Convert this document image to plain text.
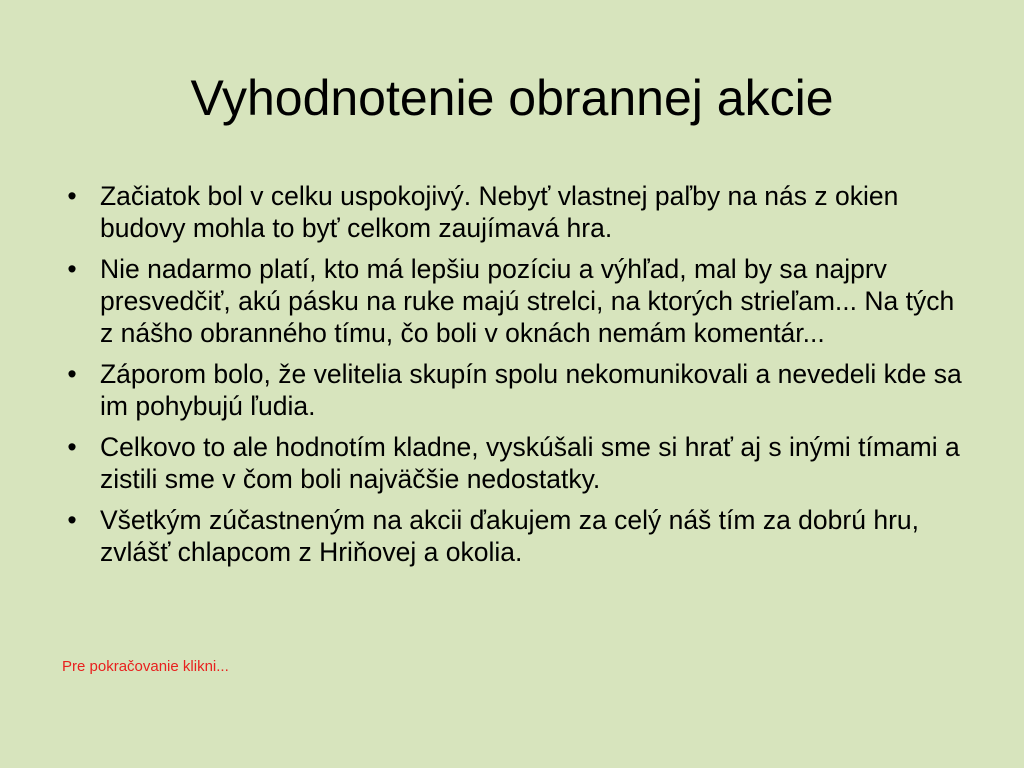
Vyhodnotenie obrannej akcie
• Začiatok bol v celku uspokojivý. Nebyť vlastnej paľby na nás z okien budovy mohla to byť celkom zaujímavá hra.
• Nie nadarmo platí, kto má lepšiu pozíciu a výhľad, mal by sa najprv presvedčiť, akú pásku na ruke majú strelci, na ktorých strieľam... Na tých z nášho obranného tímu, čo boli v oknách nemám komentár...
• Záporom bolo, že velitelia skupín spolu nekomunikovali a nevedeli kde sa im pohybujú ľudia.
• Celkovo to ale hodnotím kladne, vyskúšali sme si hrať aj s inými tímami a zistili sme v čom boli najväčšie nedostatky.
• Všetkým zúčastneným na akcii ďakujem za celý náš tím za dobrú hru, zvlášť chlapcom z Hriňovej a okolia.
Pre pokračovanie klikni...
